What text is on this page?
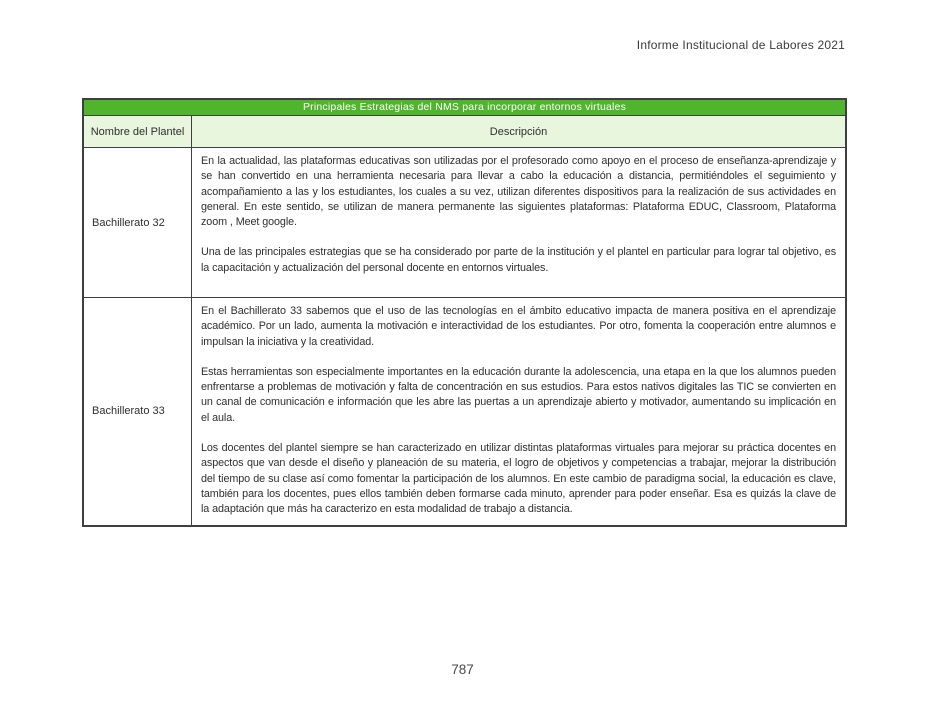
Informe Institucional de Labores 2021
Principales Estrategias del NMS para incorporar entornos virtuales
Nombre del Plantel	Descripción
Bachillerato 32

En la actualidad, las plataformas educativas son utilizadas por el profesorado como apoyo en el proceso de enseñanza-aprendizaje y se han convertido en una herramienta necesaria para llevar a cabo la educación a distancia, permitiéndoles el seguimiento y acompañamiento a las y los estudiantes, los cuales a su vez, utilizan diferentes dispositivos para la realización de sus actividades en general. En este sentido, se utilizan de manera permanente las siguientes plataformas: Plataforma EDUC, Classroom, Plataforma zoom , Meet google.

Una de las principales estrategias que se ha considerado por parte de la institución y el plantel en particular para lograr tal objetivo, es la capacitación y actualización del personal docente en entornos virtuales.

Bachillerato 33

En el Bachillerato 33 sabemos que el uso de las tecnologías en el ámbito educativo impacta de manera positiva en el aprendizaje académico. Por un lado, aumenta la motivación e interactividad de los estudiantes. Por otro, fomenta la cooperación entre alumnos e impulsan la iniciativa y la creatividad.

Estas herramientas son especialmente importantes en la educación durante la adolescencia, una etapa en la que los alumnos pueden enfrentarse a problemas de motivación y falta de concentración en sus estudios. Para estos nativos digitales las TIC se convierten en un canal de comunicación e información que les abre las puertas a un aprendizaje abierto y motivador, aumentando su implicación en el aula.

Los docentes del plantel siempre se han caracterizado en utilizar distintas plataformas virtuales para mejorar su práctica docentes en aspectos que van desde el diseño y planeación de su materia, el logro de objetivos y competencias a trabajar, mejorar la distribución del tiempo de su clase así como fomentar la participación de los alumnos. En este cambio de paradigma social, la educación es clave, también para los docentes, pues ellos también deben formarse cada minuto, aprender para poder enseñar. Esa es quizás la clave de la adaptación que más ha caracterizo en esta modalidad de trabajo a distancia.

787
